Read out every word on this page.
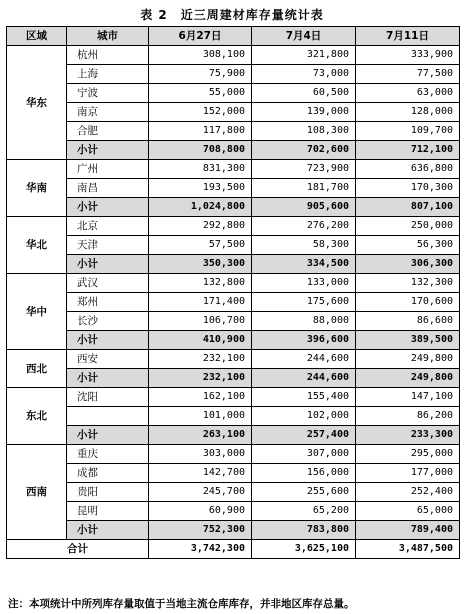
表 2　近三周建材库存量统计表
区域	城市	6月27日	7月4日	7月11日
华东	杭州	308,100	321,800	333,900
	上海	75,900	73,000	77,500
	宁波	55,000	60,500	63,000
	南京	152,000	139,000	128,000
	合肥	117,800	108,300	109,700
	小计	708,800	702,600	712,100
华南	广州	831,300	723,900	636,800
	南昌	193,500	181,700	170,300
	小计	1,024,800	905,600	807,100
华北	北京	292,800	276,200	250,000
	天津	57,500	58,300	56,300
	小计	350,300	334,500	306,300
华中	武汉	132,800	133,000	132,300
	郑州	171,400	175,600	170,600
	长沙	106,700	88,000	86,600
	小计	410,900	396,600	389,500
西北	西安	232,100	244,600	249,800
	小计	232,100	244,600	249,800
东北	沈阳	162,100	155,400	147,100
		101,000	102,000	86,200
	小计	263,100	257,400	233,300
西南	重庆	303,000	307,000	295,000
	成都	142,700	156,000	177,000
	贵阳	245,700	255,600	252,400
	昆明	60,900	65,200	65,000
	小计	752,300	783,800	789,400
合计		3,742,300	3,625,100	3,487,500
注：本项统计中所列库存量取值于当地主流仓库库存，并非地区库存总量。
